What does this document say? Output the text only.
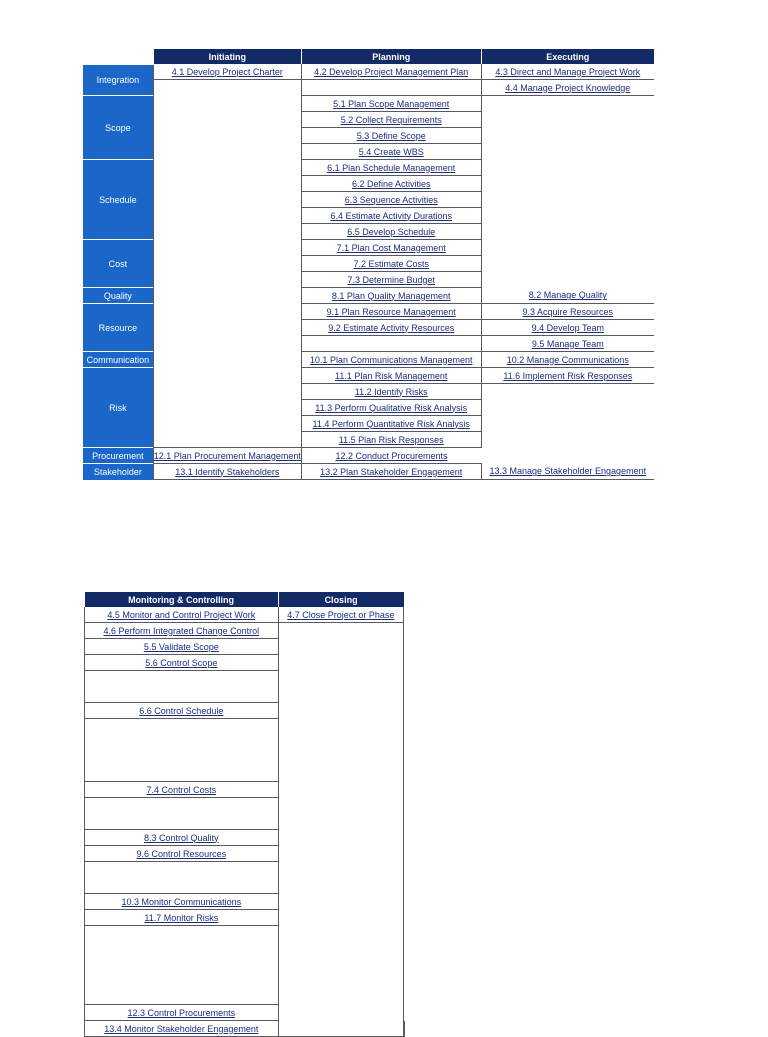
	Initiating	Planning	Executing
Integration	4.1 Develop Project Charter	4.2 Develop Project Management Plan	4.3 Direct and Manage Project Work
			4.4 Manage Project Knowledge
Scope		5.1 Plan Scope Management	
		5.2 Collect Requirements	
		5.3 Define Scope	
		5.4 Create WBS	
Schedule		6.1 Plan Schedule Management	
		6.2 Define Activities	
		6.3 Sequence Activities	
		6.4 Estimate Activity Durations	
		6.5 Develop Schedule	
Cost		7.1 Plan Cost Management	
		7.2 Estimate Costs	
		7.3 Determine Budget	
Quality		8.1 Plan Quality Management	8.2 Manage Quality
Resource		9.1 Plan Resource Management	9.3 Acquire Resources
		9.2 Estimate Activity Resources	9.4 Develop Team
			9.5 Manage Team
Communication		10.1 Plan Communications Management	10.2 Manage Communications
Risk		11.1 Plan Risk Management	11.6 Implement Risk Responses
		11.2 Identify Risks	
		11.3 Perform Qualitative Risk Analysis	
		11.4 Perform Quantitative Risk Analysis	
		11.5 Plan Risk Responses	
Procurement	12.1 Plan Procurement Management	12.2 Conduct Procurements	
Stakeholder	13.1 Identify Stakeholders	13.2 Plan Stakeholder Engagement	13.3 Manage Stakeholder Engagement
Monitoring & Controlling	Closing	
4.5 Monitor and Control Project Work	4.7 Close Project or Phase	
4.6 Perform Integrated Change Control		
5.5 Validate Scope		
5.6 Control Scope		

6.6 Control Schedule		

7.4 Control Costs		

8.3 Control Quality		
9.6 Control Resources		

10.3 Monitor Communications		
11.7 Monitor Risks		

12.3 Control Procurements		
13.4 Monitor Stakeholder Engagement		
